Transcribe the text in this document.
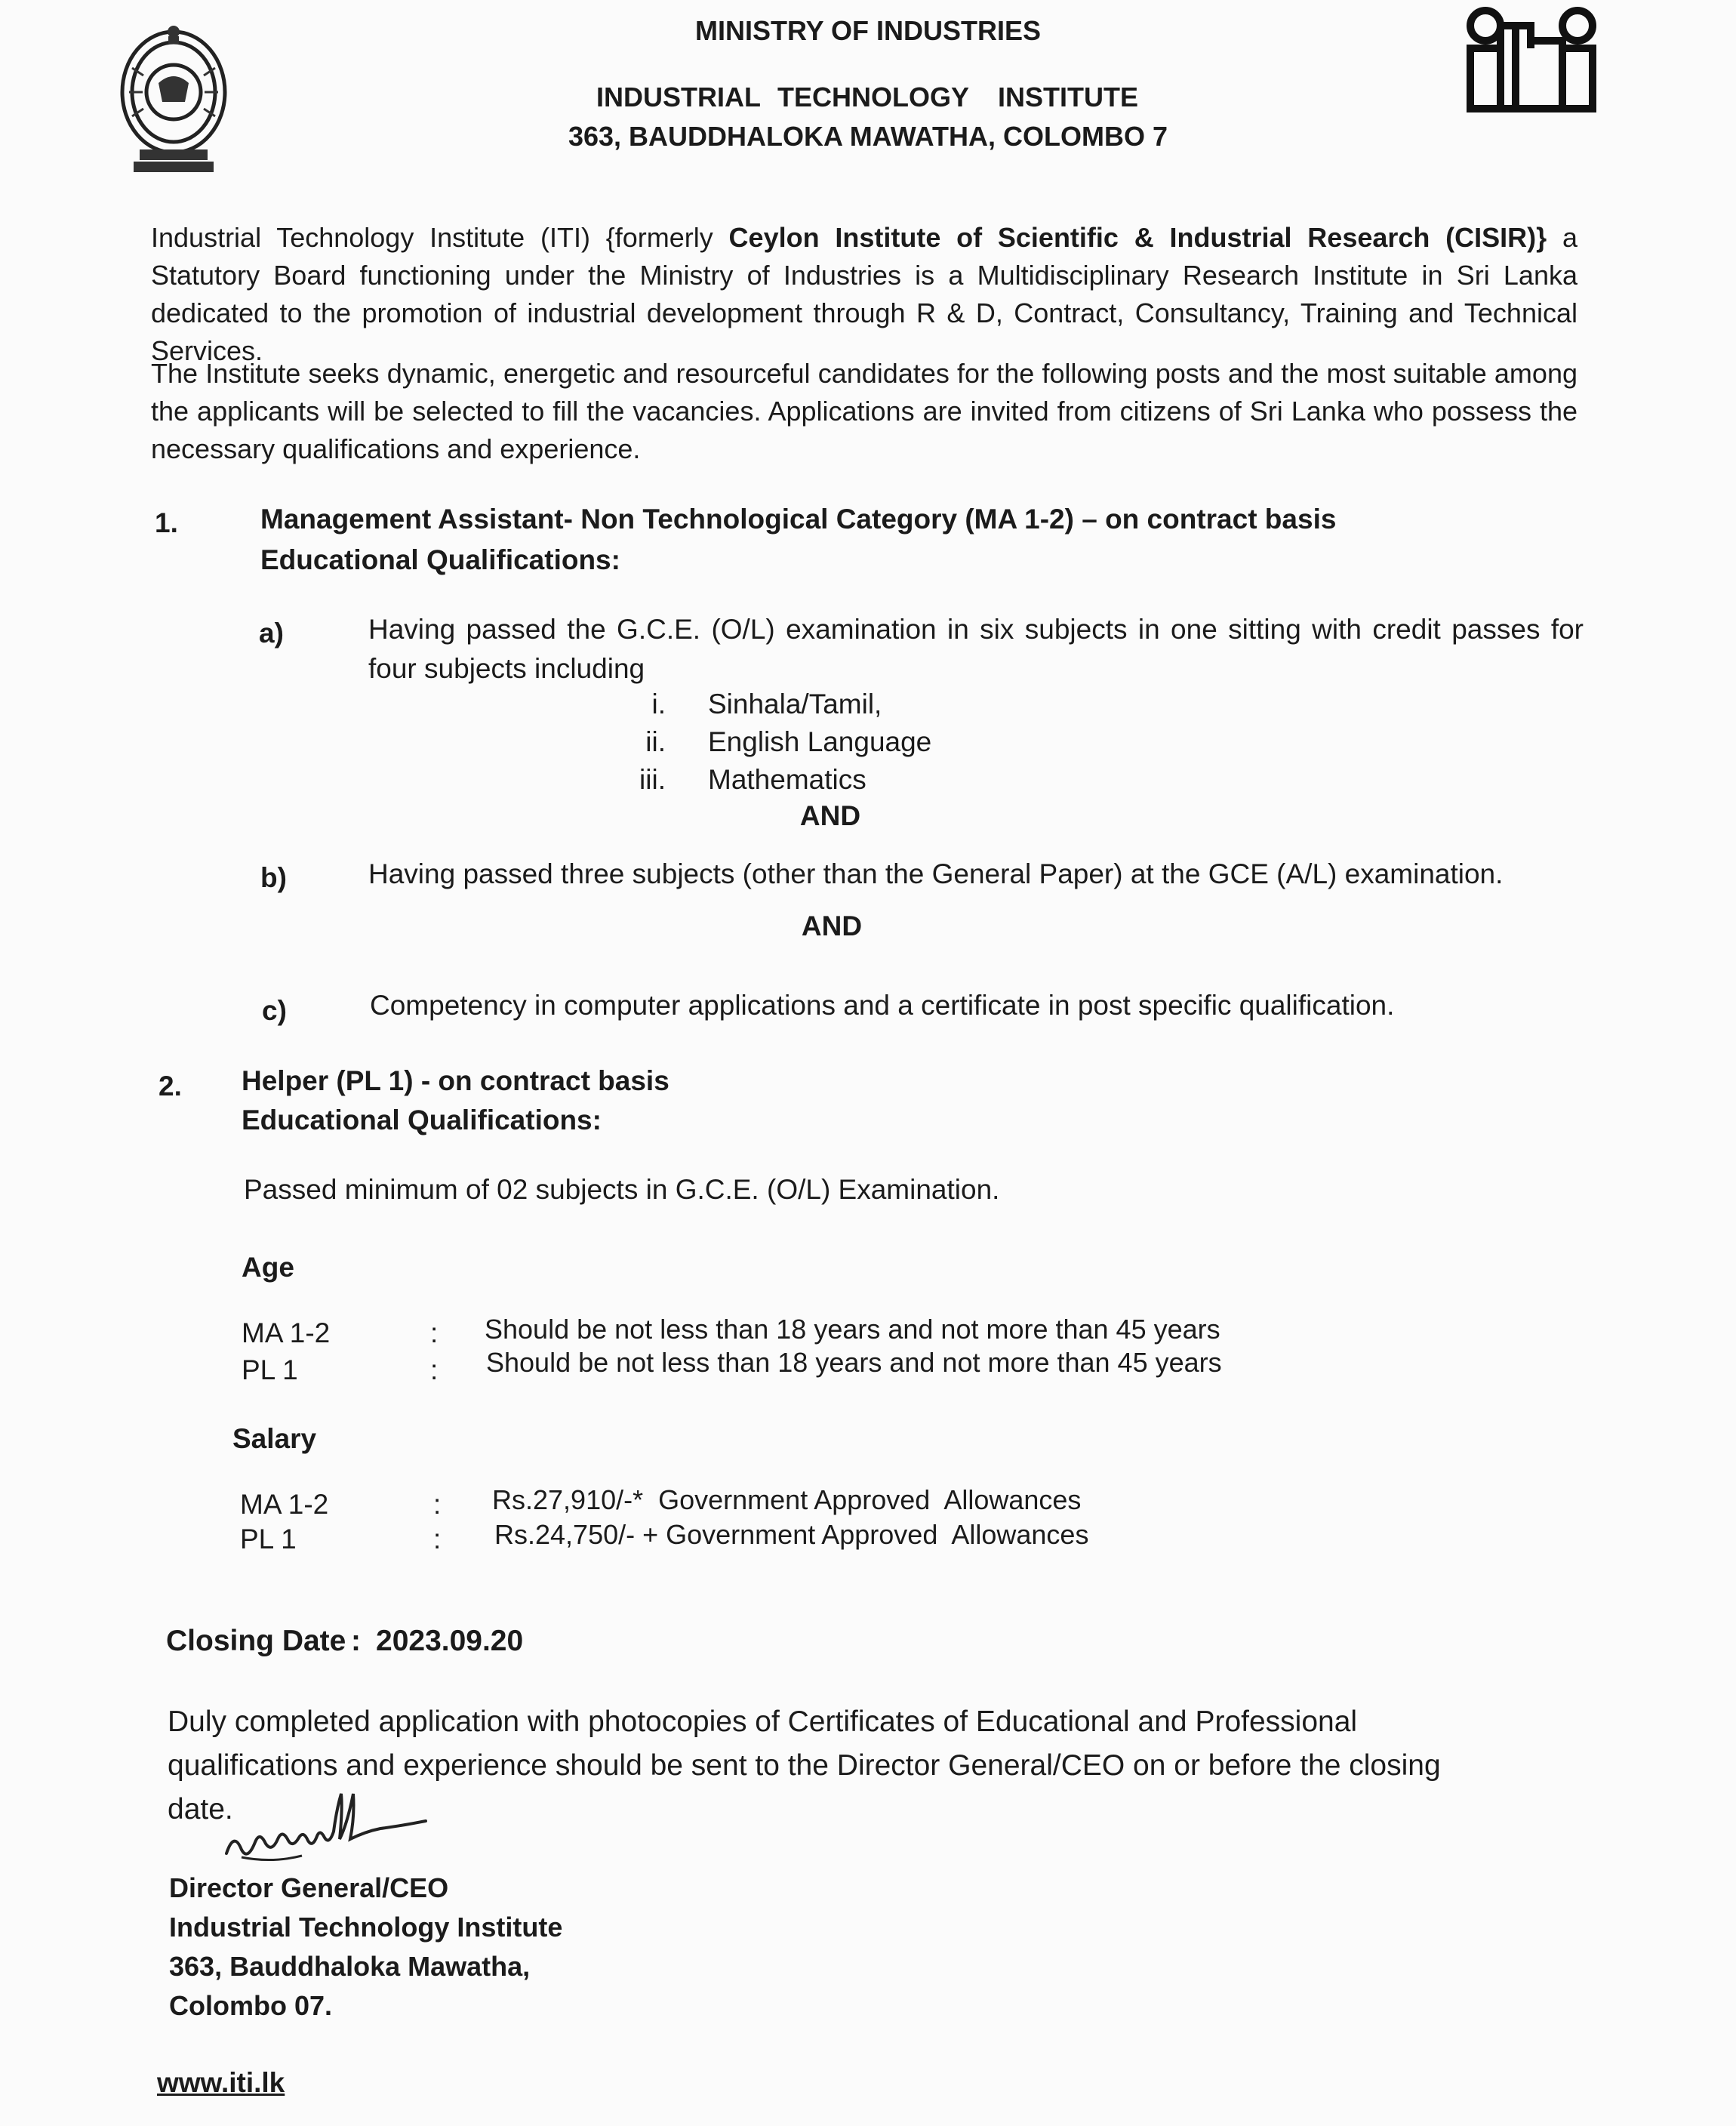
MINISTRY OF INDUSTRIES
INDUSTRIAL TECHNOLOGY INSTITUTE
363, BAUDDHALOKA MAWATHA, COLOMBO 7
Industrial Technology Institute (ITI) {formerly Ceylon Institute of Scientific & Industrial Research (CISIR)} a Statutory Board functioning under the Ministry of Industries is a Multidisciplinary Research Institute in Sri Lanka dedicated to the promotion of industrial development through R & D, Contract, Consultancy, Training and Technical Services.
The Institute seeks dynamic, energetic and resourceful candidates for the following posts and the most suitable among the applicants will be selected to fill the vacancies. Applications are invited from citizens of Sri Lanka who possess the necessary qualifications and experience.
1.	Management Assistant- Non Technological Category (MA 1-2) – on contract basis
Educational Qualifications:
a)	Having passed the G.C.E. (O/L) examination in six subjects in one sitting with credit passes for four subjects including
i. Sinhala/Tamil,
ii. English Language
iii. Mathematics
AND
b)	Having passed three subjects (other than the General Paper) at the GCE (A/L) examination.
AND
c)	Competency in computer applications and a certificate in post specific qualification.
2. Helper (PL 1) - on contract basis
Educational Qualifications:
Passed minimum of 02 subjects in G.C.E. (O/L) Examination.
Age
MA 1-2	: Should be not less than 18 years and not more than 45 years
PL 1	: Should be not less than 18 years and not more than 45 years
Salary
MA 1-2	: Rs.27,910/-*  Government Approved  Allowances
PL 1	: Rs.24,750/- + Government Approved  Allowances
Closing Date : 2023.09.20
Duly completed application with photocopies of Certificates of Educational and Professional qualifications and experience should be sent to the Director General/CEO on or before the closing date.
Director General/CEO
Industrial Technology Institute
363, Bauddhaloka Mawatha,
Colombo 07.
www.iti.lk
